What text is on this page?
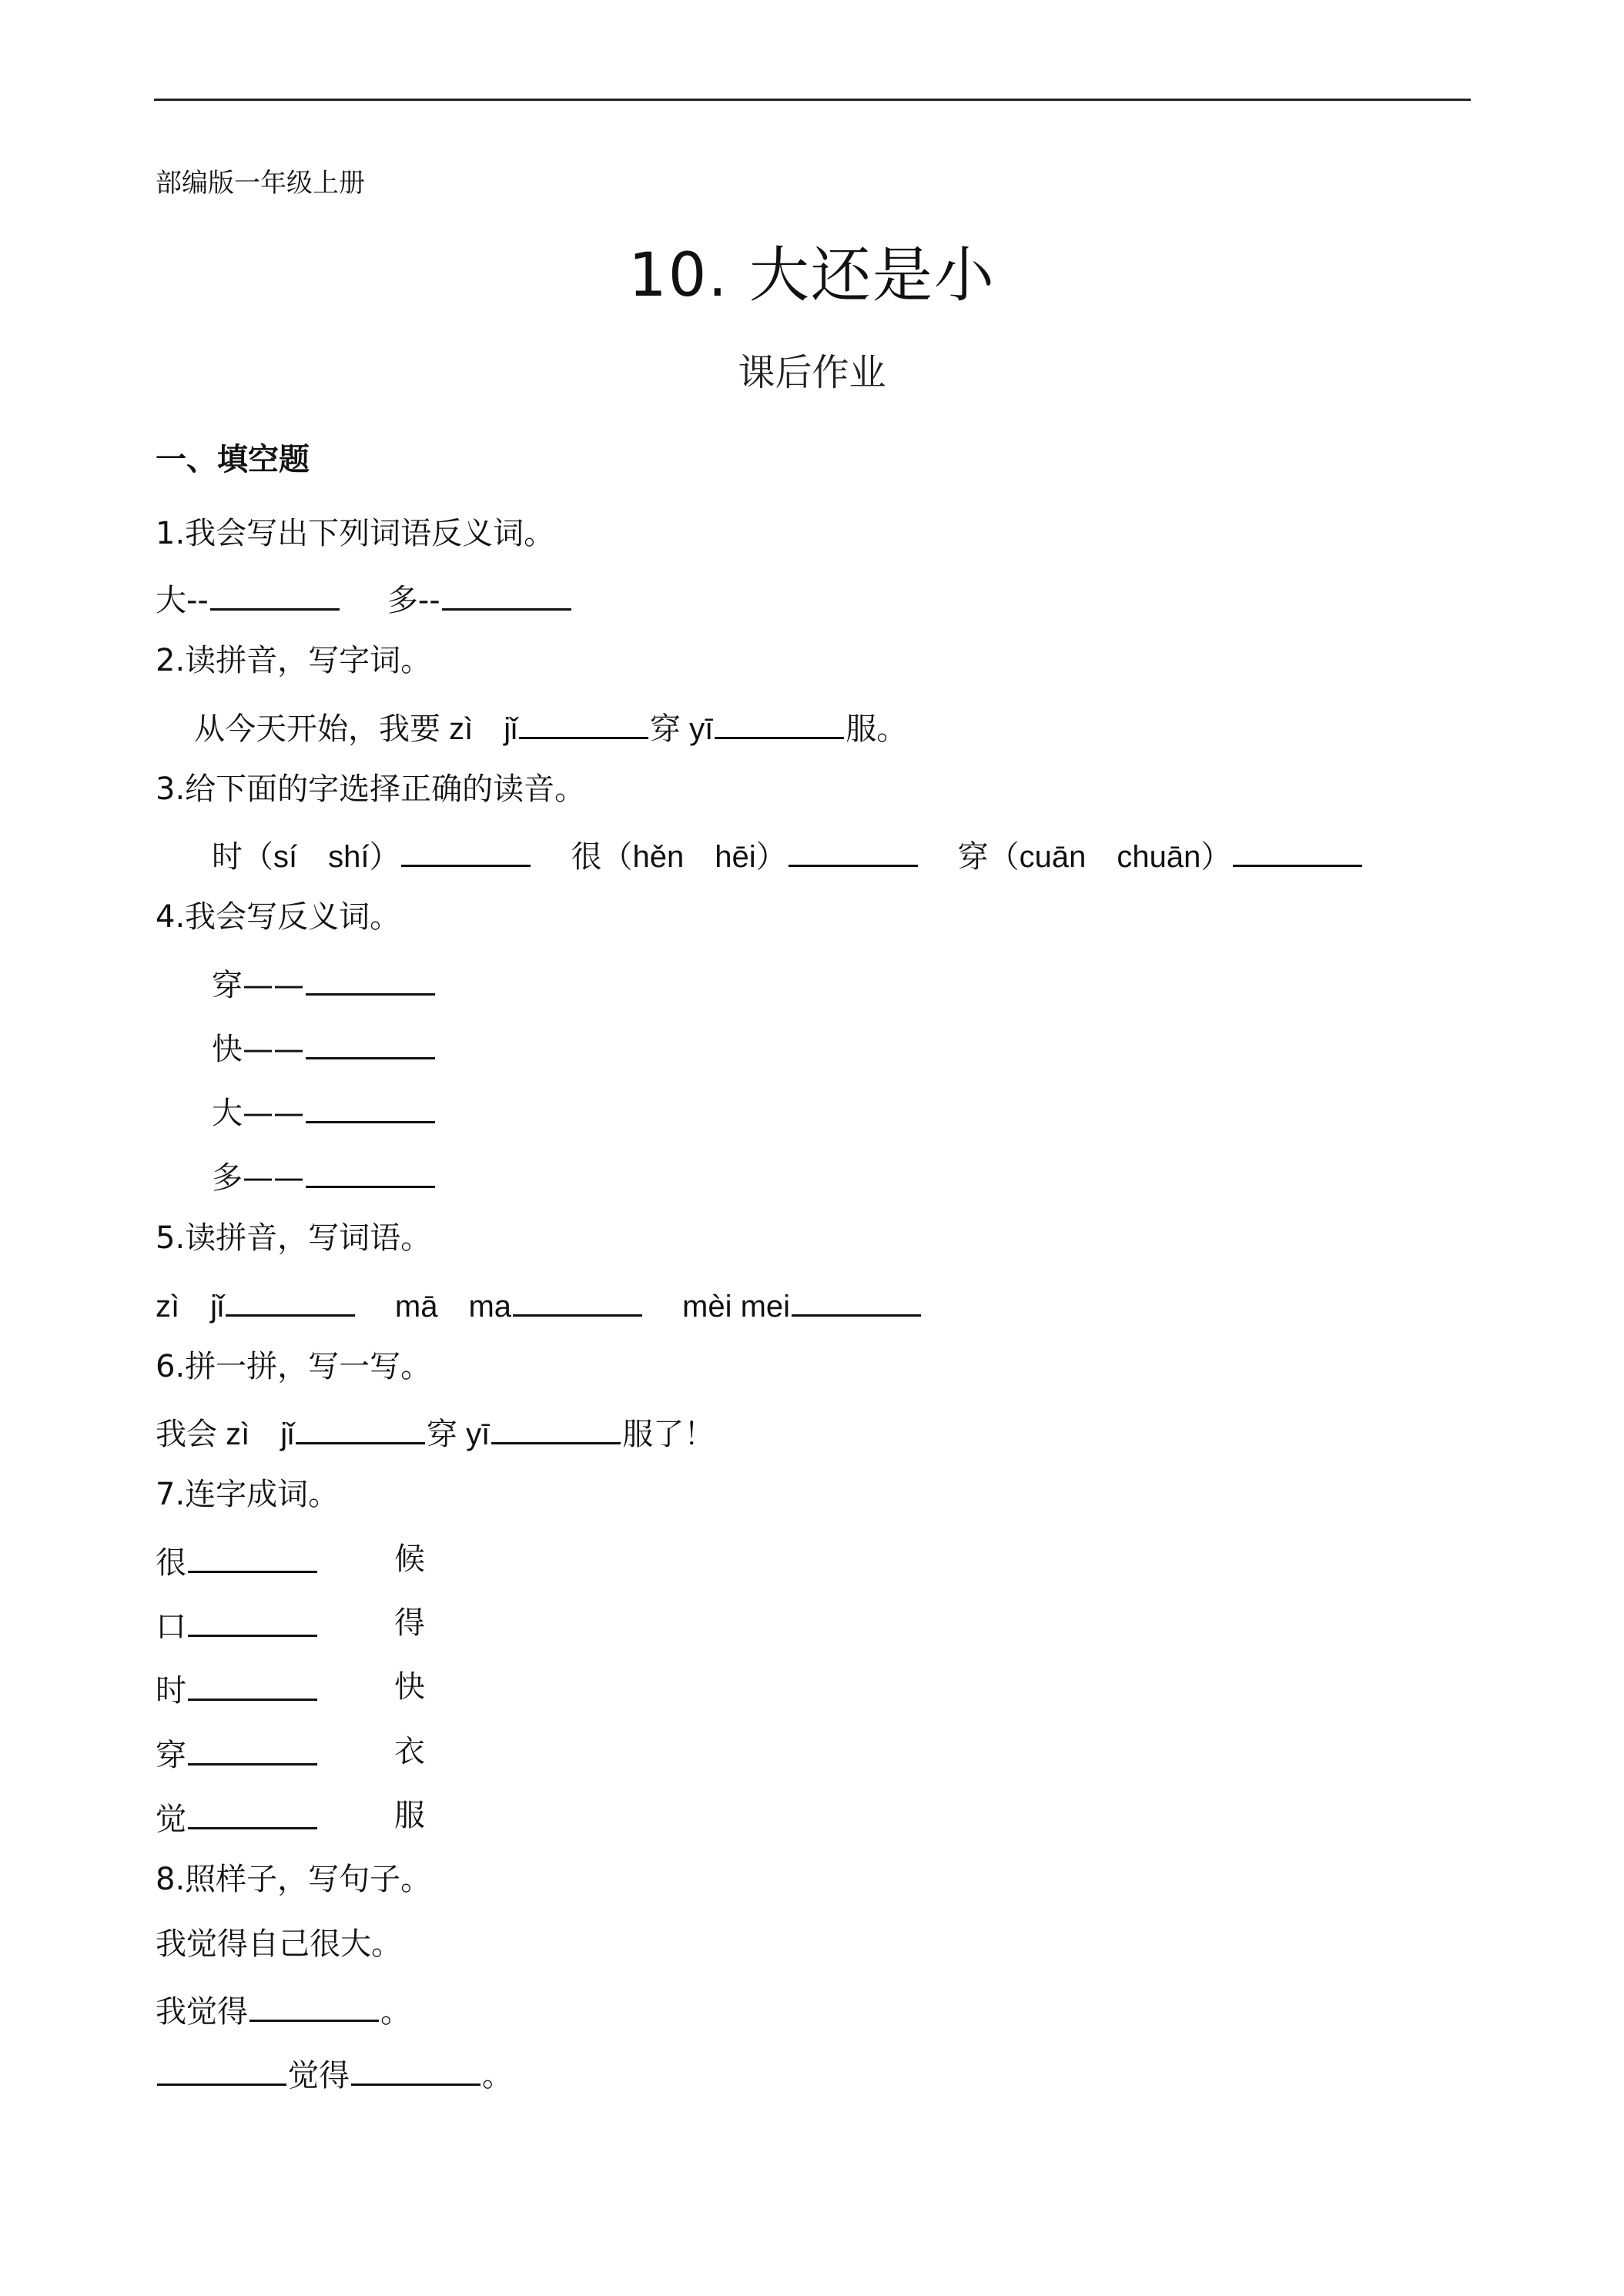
部编版一年级上册
10. 大还是小
课后作业
一、填空题
1.我会写出下列词语反义词。
大--	多--
2.读拼音，写字词。
从今天开始，我要 zì　jǐ	穿 yī	服。
3.给下面的字选择正确的读音。
时（sí　shí）	很（hěn　hēi）	穿（cuān　chuān）
4.我会写反义词。
穿——
快——
大——
多——
5.读拼音，写词语。
zì　jǐ	mā　ma	mèi mei
6.拼一拼，写一写。
我会 zì　jǐ	穿 yī	服了！
7.连字成词。
很	候
口	得
时	快
穿	衣
觉	服
8.照样子，写句子。
我觉得自己很大。
我觉得	。
觉得	。
